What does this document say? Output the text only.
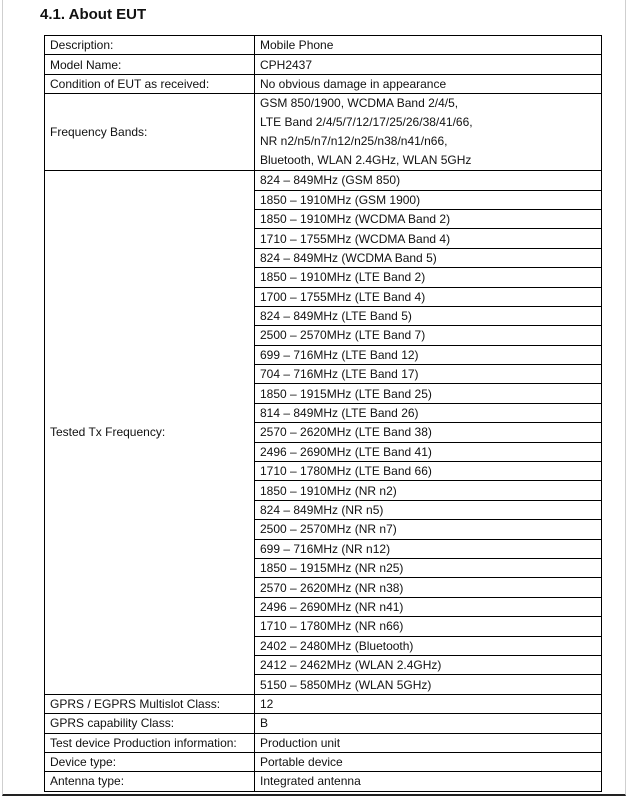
4.1. About EUT
Description:	Mobile Phone
Model Name:	CPH2437
Condition of EUT as received:	No obvious damage in appearance
Frequency Bands:	GSM 850/1900, WCDMA Band 2/4/5,
LTE Band 2/4/5/7/12/17/25/26/38/41/66,
NR n2/n5/n7/n12/n25/n38/n41/n66,
Bluetooth, WLAN 2.4GHz, WLAN 5GHz

Tested Tx Frequency:	824 – 849MHz (GSM 850)
	1850 – 1910MHz (GSM 1900)
	1850 – 1910MHz (WCDMA Band 2)
	1710 – 1755MHz (WCDMA Band 4)
	824 – 849MHz (WCDMA Band 5)
	1850 – 1910MHz (LTE Band 2)
	1700 – 1755MHz (LTE Band 4)
	824 – 849MHz (LTE Band 5)
	2500 – 2570MHz (LTE Band 7)
	699 – 716MHz (LTE Band 12)
	704 – 716MHz (LTE Band 17)
	1850 – 1915MHz (LTE Band 25)
	814 – 849MHz (LTE Band 26)
	2570 – 2620MHz (LTE Band 38)
	2496 – 2690MHz (LTE Band 41)
	1710 – 1780MHz (LTE Band 66)
	1850 – 1910MHz (NR n2)
	824 – 849MHz (NR n5)
	2500 – 2570MHz (NR n7)
	699 – 716MHz (NR n12)
	1850 – 1915MHz (NR n25)
	2570 – 2620MHz (NR n38)
	2496 – 2690MHz (NR n41)
	1710 – 1780MHz (NR n66)
	2402 – 2480MHz (Bluetooth)
	2412 – 2462MHz (WLAN 2.4GHz)
	5150 – 5850MHz (WLAN 5GHz)
GPRS / EGPRS Multislot Class:	12
GPRS capability Class:	B
Test device Production information:	Production unit
Device type:	Portable device
Antenna type:	Integrated antenna
